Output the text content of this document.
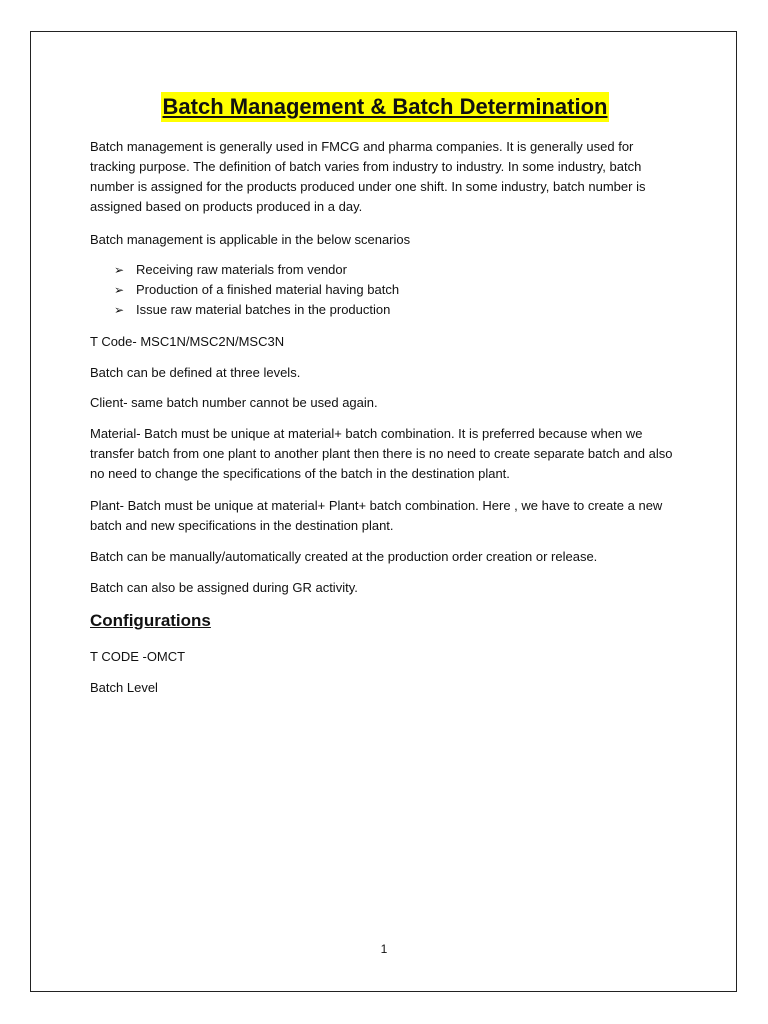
Batch Management & Batch Determination

Batch management is generally used in FMCG and pharma companies. It is generally used for tracking purpose. The definition of batch varies from industry to industry. In some industry, batch number is assigned for the products produced under one shift. In some industry, batch number is assigned based on products produced in a day.

Batch management is applicable in the below scenarios

➢ Receiving raw materials from vendor
➢ Production of a finished material having batch
➢ Issue raw material batches in the production

T Code- MSC1N/MSC2N/MSC3N

Batch can be defined at three levels.

Client- same batch number cannot be used again.

Material- Batch must be unique at material+ batch combination. It is preferred because when we transfer batch from one plant to another plant then there is no need to create separate batch and also no need to change the specifications of the batch in the destination plant.

Plant- Batch must be unique at material+ Plant+ batch combination. Here , we have to create a new batch and new specifications in the destination plant.

Batch can be manually/automatically created at the production order creation or release.

Batch can also be assigned during GR activity.

Configurations

T CODE -OMCT

Batch Level

1
